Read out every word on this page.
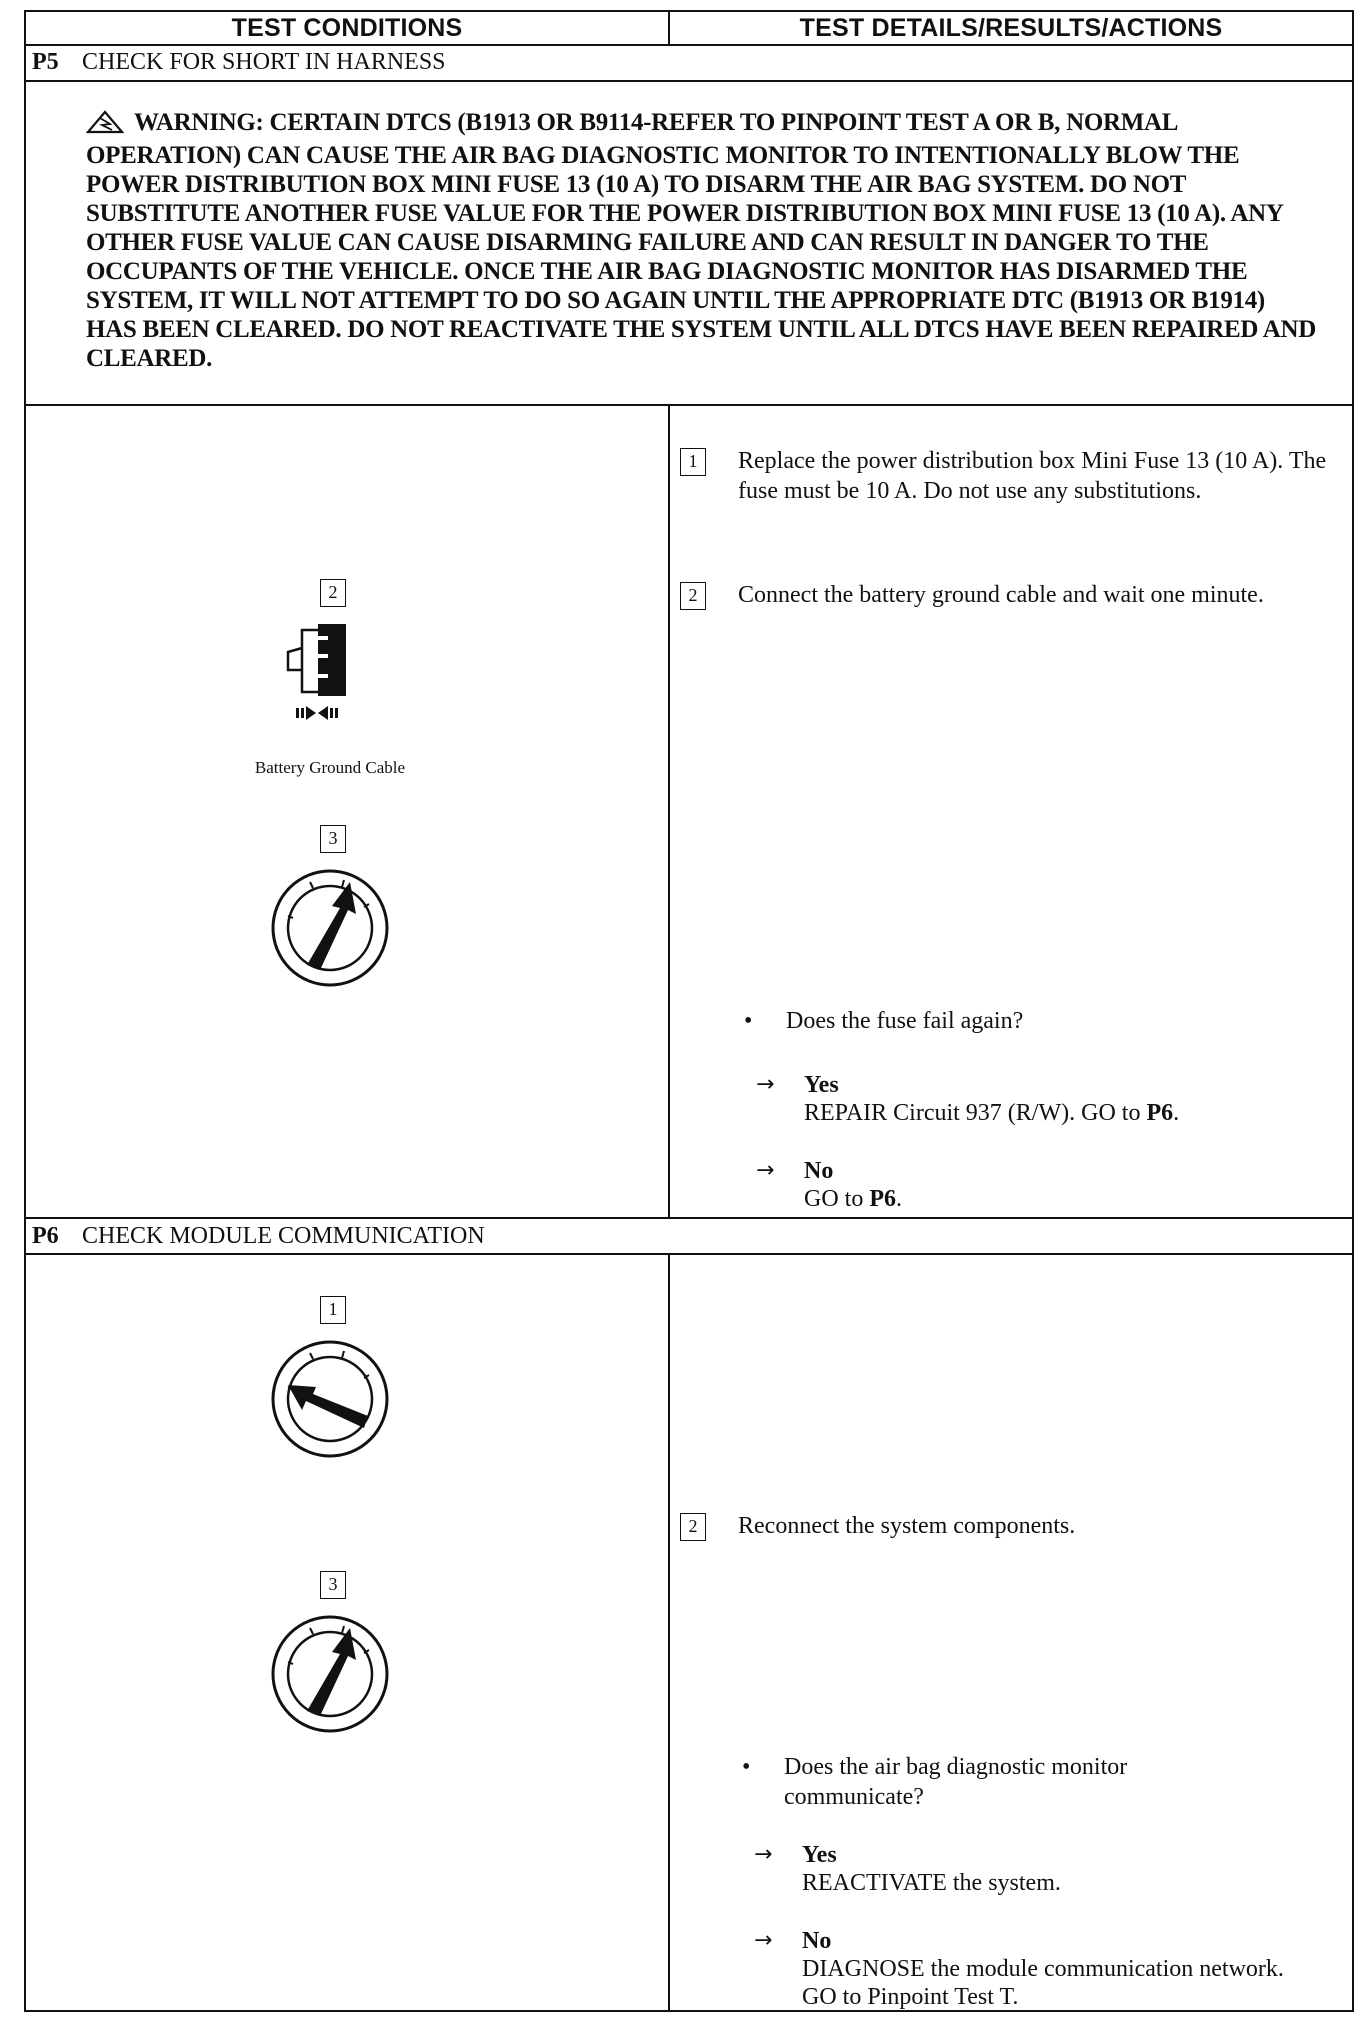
TEST CONDITIONS	TEST DETAILS/RESULTS/ACTIONS
P5 CHECK FOR SHORT IN HARNESS
WARNING: CERTAIN DTCS (B1913 OR B9114-REFER TO PINPOINT TEST A OR B, NORMAL OPERATION) CAN CAUSE THE AIR BAG DIAGNOSTIC MONITOR TO INTENTIONALLY BLOW THE POWER DISTRIBUTION BOX MINI FUSE 13 (10 A) TO DISARM THE AIR BAG SYSTEM. DO NOT SUBSTITUTE ANOTHER FUSE VALUE FOR THE POWER DISTRIBUTION BOX MINI FUSE 13 (10 A). ANY OTHER FUSE VALUE CAN CAUSE DISARMING FAILURE AND CAN RESULT IN DANGER TO THE OCCUPANTS OF THE VEHICLE. ONCE THE AIR BAG DIAGNOSTIC MONITOR HAS DISARMED THE SYSTEM, IT WILL NOT ATTEMPT TO DO SO AGAIN UNTIL THE APPROPRIATE DTC (B1913 OR B1914) HAS BEEN CLEARED. DO NOT REACTIVATE THE SYSTEM UNTIL ALL DTCS HAVE BEEN REPAIRED AND CLEARED.
2
Battery Ground Cable
3
1	Replace the power distribution box Mini Fuse 13 (10 A). The fuse must be 10 A. Do not use any substitutions.
2	Connect the battery ground cable and wait one minute.
• Does the fuse fail again?
→ Yes
REPAIR Circuit 937 (R/W). GO to P6.
→ No
GO to P6.
P6 CHECK MODULE COMMUNICATION
1
3
2	Reconnect the system components.
• Does the air bag diagnostic monitor communicate?
→ Yes
REACTIVATE the system.
→ No
DIAGNOSE the module communication network. GO to Pinpoint Test T.
